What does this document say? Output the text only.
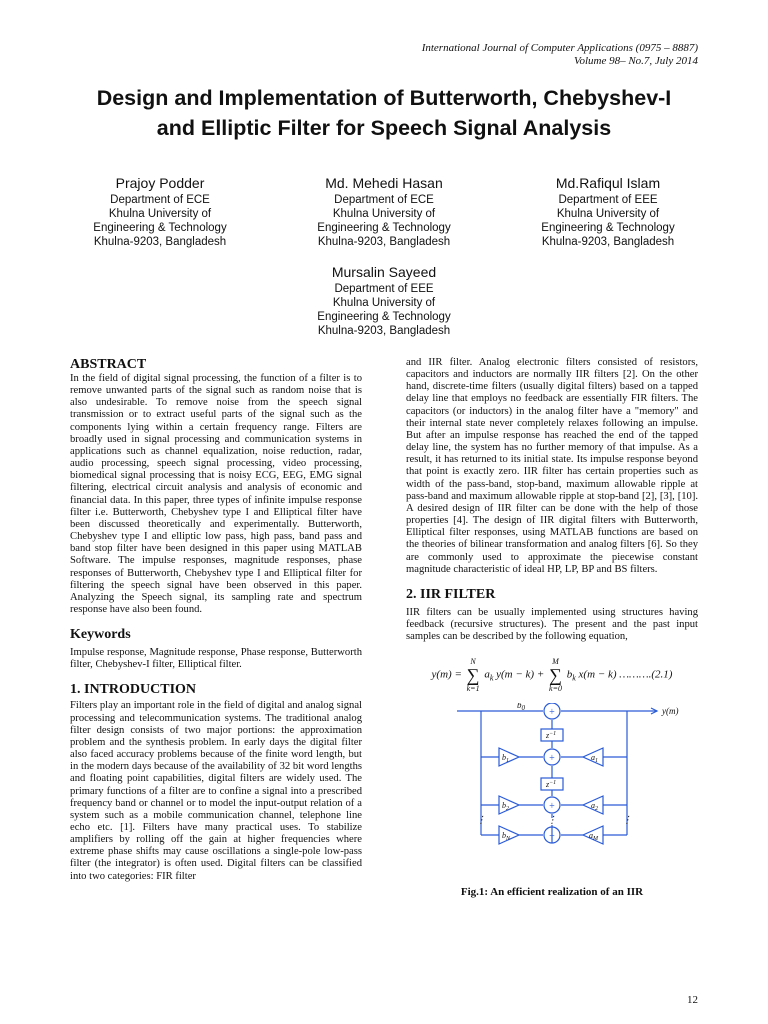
International Journal of Computer Applications (0975 – 8887)
Volume 98– No.7, July 2014
Design and Implementation of Butterworth, Chebyshev-I
and Elliptic Filter for Speech Signal Analysis
Prajoy Podder
Department of ECE
Khulna University of
Engineering & Technology
Khulna-9203, Bangladesh
Md. Mehedi Hasan
Department of ECE
Khulna University of
Engineering & Technology
Khulna-9203, Bangladesh
Md.Rafiqul Islam
Department of EEE
Khulna University of
Engineering & Technology
Khulna-9203, Bangladesh
Mursalin Sayeed
Department of EEE
Khulna University of
Engineering & Technology
Khulna-9203, Bangladesh
ABSTRACT

In the field of digital signal processing, the function of a filter is to remove unwanted parts of the signal such as random noise that is also undesirable. To remove noise from the speech signal transmission or to extract useful parts of the signal such as the components lying within a certain frequency range. Filters are broadly used in signal processing and communication systems in applications such as channel equalization, noise reduction, radar, audio processing, speech signal processing, video processing, biomedical signal processing that is noisy ECG, EEG, EMG signal filtering, electrical circuit analysis and analysis of economic and financial data. In this paper, three types of infinite impulse response filter i.e. Butterworth, Chebyshev type I and Elliptical filter have been discussed theoretically and experimentally. Butterworth, Chebyshev type I and elliptic low pass, high pass, band pass and band stop filter have been designed in this paper using MATLAB Software. The impulse responses, magnitude responses, phase responses of Butterworth, Chebyshev type I and Elliptical filter for filtering the speech signal have been observed in this paper. Analyzing the Speech signal, its sampling rate and spectrum response have also been found.

Keywords

Impulse response, Magnitude response, Phase response, Butterworth filter, Chebyshev-I filter, Elliptical filter.

1. INTRODUCTION

Filters play an important role in the field of digital and analog signal processing and telecommunication systems. The traditional analog filter design consists of two major portions: the approximation problem and the synthesis problem. In early days the digital filter also faced accuracy problems because of the finite word length, but in the modern days because of the availability of 32 bit word lengths and floating point capabilities, digital filters are widely used. The primary functions of a filter are to confine a signal into a prescribed frequency band or channel or to model the input-output relation of a system such as a mobile communication channel, telephone line echo etc. [1]. Filters have many practical uses. To stabilize amplifiers by rolling off the gain at higher frequencies where extreme phase shifts may cause oscillations a single-pole low-pass filter (the integrator) is often used. Digital filters can be classified into two categories: FIR filter

and IIR filter. Analog electronic filters consisted of resistors, capacitors and inductors are normally IIR filters [2]. On the other hand, discrete-time filters (usually digital filters) based on a tapped delay line that employs no feedback are essentially FIR filters. The capacitors (or inductors) in the analog filter have a "memory" and their internal state never completely relaxes following an impulse. But after an impulse response has reached the end of the tapped delay line, the system has no further memory of that impulse. As a result, it has returned to its initial state. Its impulse response beyond that point is exactly zero. IIR filter has certain properties such as width of the pass-band, stop-band, maximum allowable ripple at pass-band and maximum allowable ripple at stop-band [2], [3], [10]. A desired design of IIR filter can be done with the help of those properties [4]. The design of IIR digital filters with Butterworth, Elliptical filter responses, using MATLAB functions are based on the theories of bilinear transformation and analog filters [6]. So they are commonly used to approximate the piecewise constant magnitude characteristic of ideal HP, LP, BP and BS filters.

2. IIR FILTER

IIR filters can be usually implemented using structures having feedback (recursive structures). The present and the past input samples can be described by the following equation,

y(m) =
N
∑
k=1
$a_k$ y(m − k) +
M
∑
k=0
$b_k$ x(m − k) ……….(2.1)
+
+
+
+
⋮	⋮	⋮
$b_0$	y(m)
$z^{-1}$
$z^{-1}$
$b_1$	$a_1$
$b_2$	$a_2$
$b_N$	$a_M$
Fig.1: An efficient realization of an IIR
12
